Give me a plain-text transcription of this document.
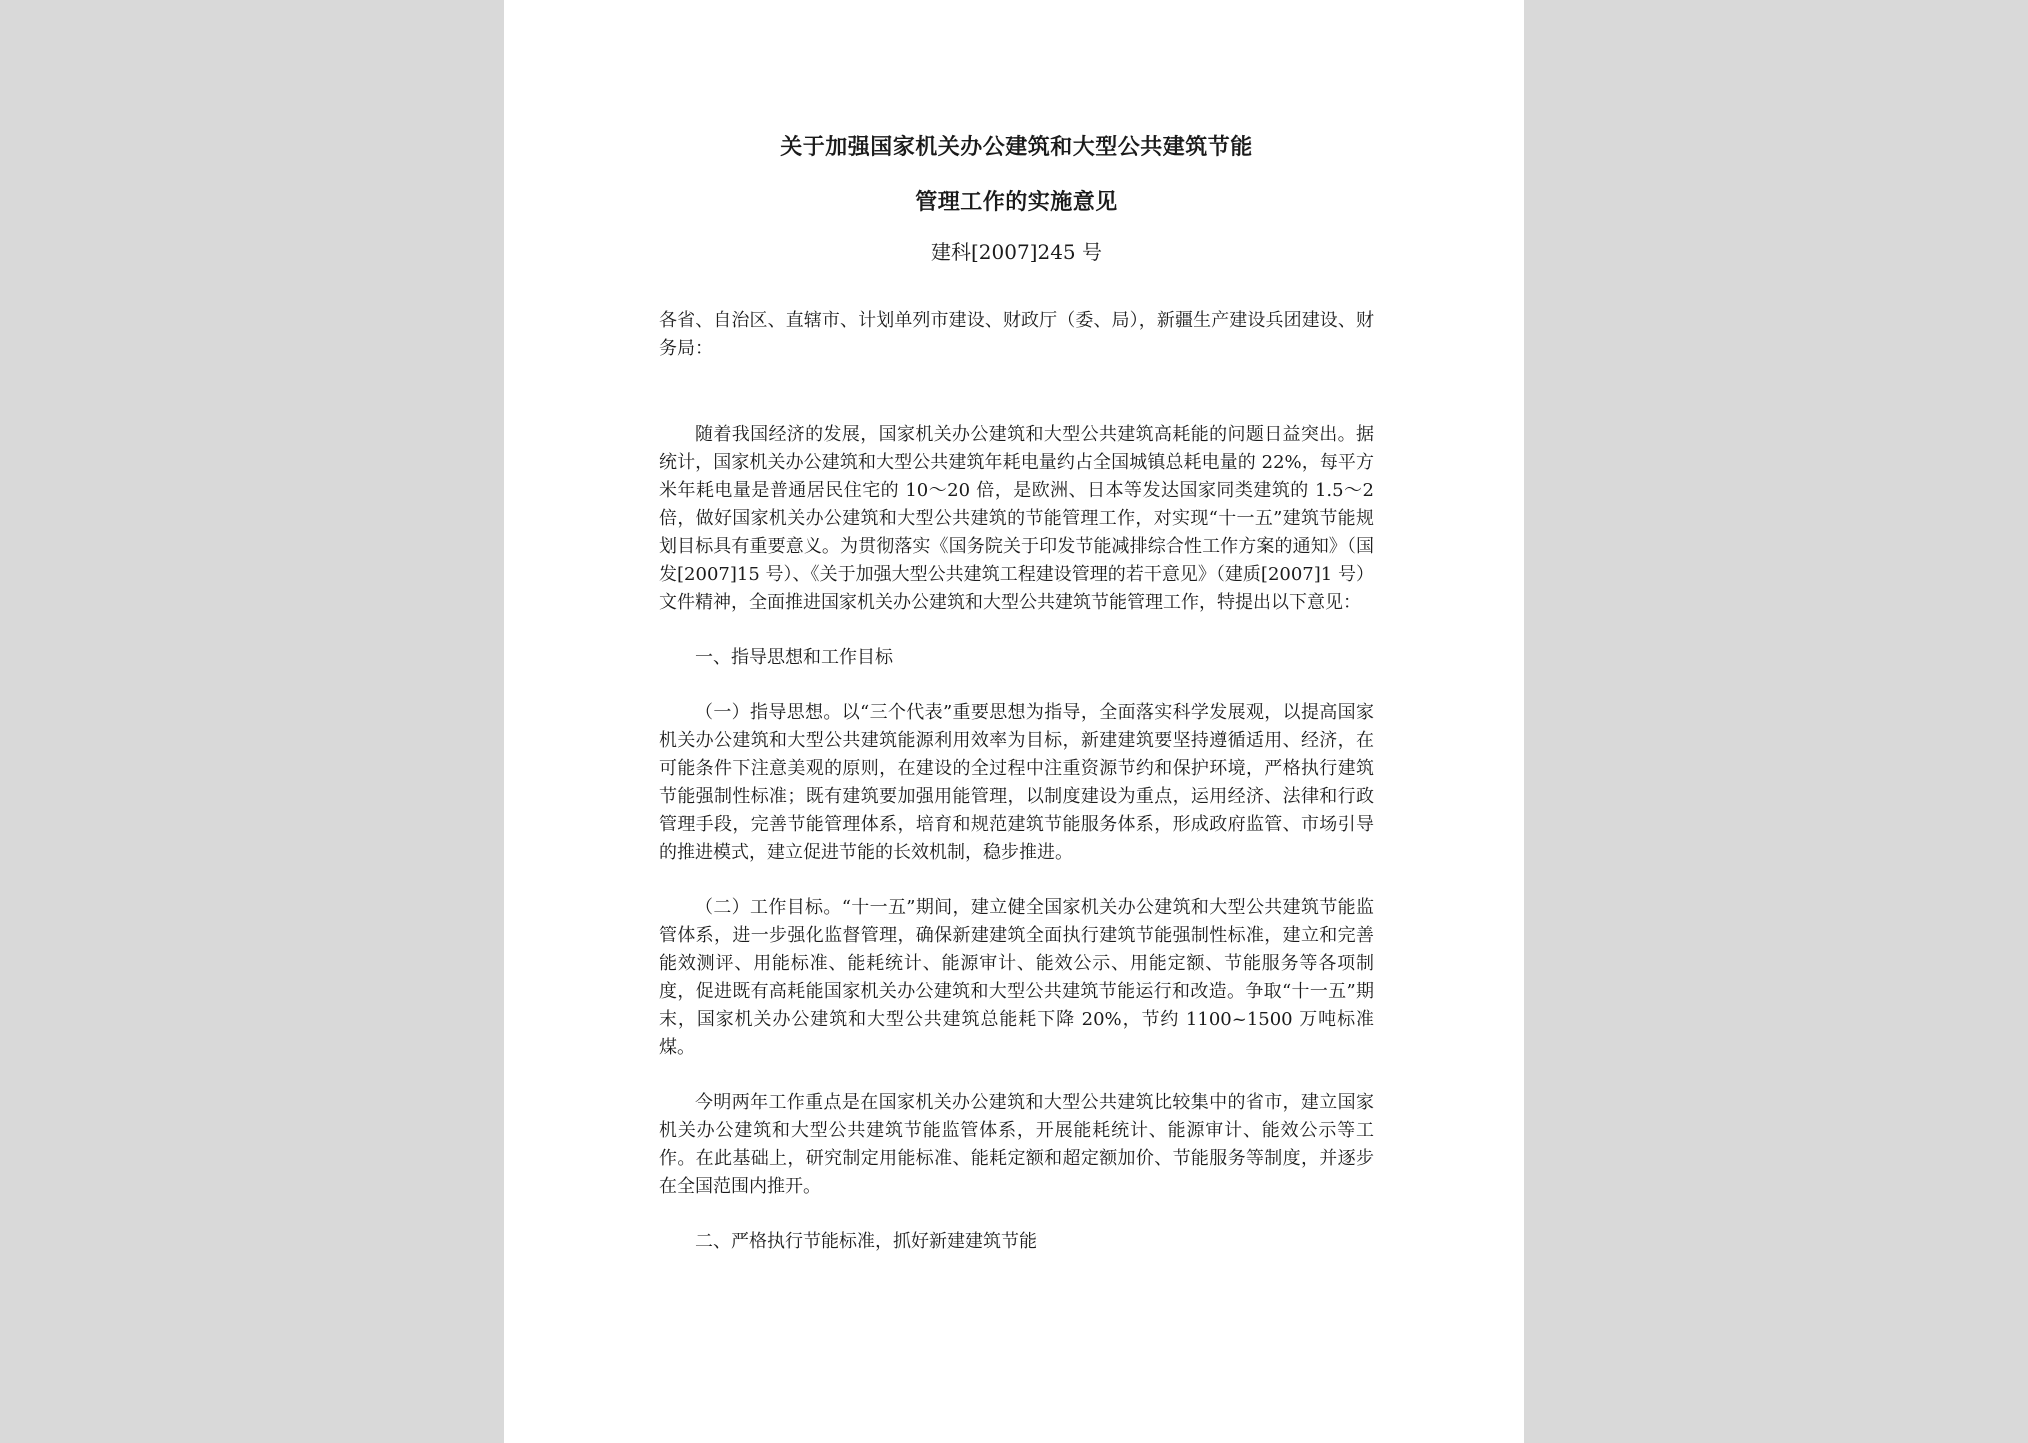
关于加强国家机关办公建筑和大型公共建筑节能
管理工作的实施意见
建科[2007]245 号
各省、自治区、直辖市、计划单列市建设、财政厅（委、局），新疆生产建设兵团建设、财务局：

随着我国经济的发展，国家机关办公建筑和大型公共建筑高耗能的问题日益突出。据统计，国家机关办公建筑和大型公共建筑年耗电量约占全国城镇总耗电量的 22%，每平方米年耗电量是普通居民住宅的 10～20 倍，是欧洲、日本等发达国家同类建筑的 1.5～2 倍，做好国家机关办公建筑和大型公共建筑的节能管理工作，对实现“十一五”建筑节能规划目标具有重要意义。为贯彻落实《国务院关于印发节能减排综合性工作方案的通知》（国发[2007]15 号）、《关于加强大型公共建筑工程建设管理的若干意见》（建质[2007]1 号）文件精神，全面推进国家机关办公建筑和大型公共建筑节能管理工作，特提出以下意见：

一、指导思想和工作目标

（一）指导思想。以“三个代表”重要思想为指导，全面落实科学发展观，以提高国家机关办公建筑和大型公共建筑能源利用效率为目标，新建建筑要坚持遵循适用、经济，在可能条件下注意美观的原则，在建设的全过程中注重资源节约和保护环境，严格执行建筑节能强制性标准；既有建筑要加强用能管理，以制度建设为重点，运用经济、法律和行政管理手段，完善节能管理体系，培育和规范建筑节能服务体系，形成政府监管、市场引导的推进模式，建立促进节能的长效机制，稳步推进。

（二）工作目标。“十一五”期间，建立健全国家机关办公建筑和大型公共建筑节能监管体系，进一步强化监督管理，确保新建建筑全面执行建筑节能强制性标准，建立和完善能效测评、用能标准、能耗统计、能源审计、能效公示、用能定额、节能服务等各项制度，促进既有高耗能国家机关办公建筑和大型公共建筑节能运行和改造。争取“十一五”期末，国家机关办公建筑和大型公共建筑总能耗下降 20%，节约 1100~1500 万吨标准煤。

今明两年工作重点是在国家机关办公建筑和大型公共建筑比较集中的省市，建立国家机关办公建筑和大型公共建筑节能监管体系，开展能耗统计、能源审计、能效公示等工作。在此基础上，研究制定用能标准、能耗定额和超定额加价、节能服务等制度，并逐步在全国范围内推开。

二、严格执行节能标准，抓好新建建筑节能
